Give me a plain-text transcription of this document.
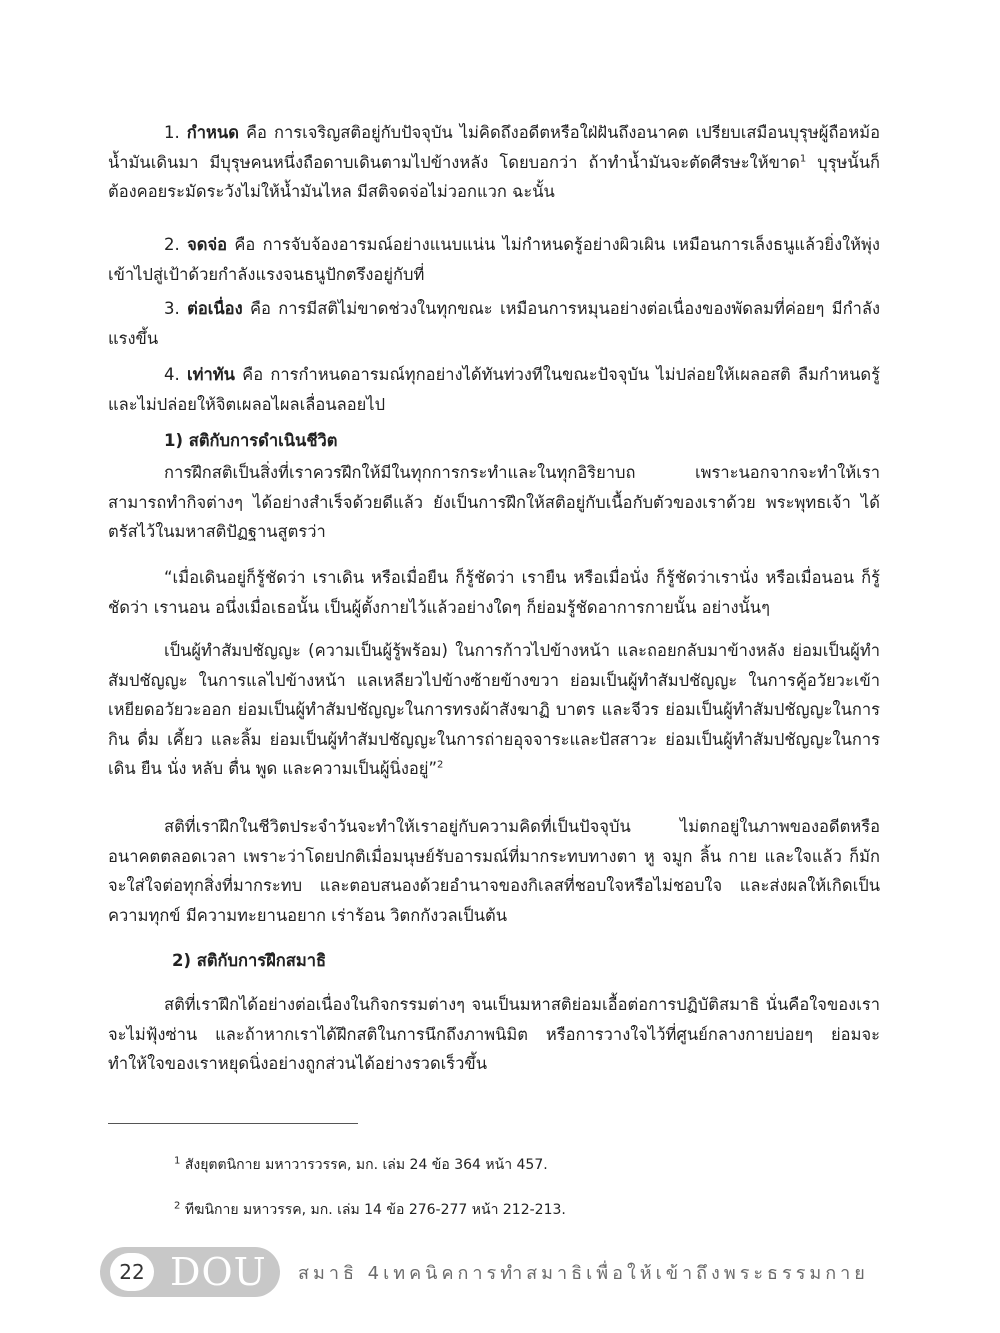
1. กำหนด คือ การเจริญสติอยู่กับปัจจุบัน ไม่คิดถึงอดีตหรือใฝ่ฝันถึงอนาคต เปรียบเสมือนบุรุษผู้ถือหม้อน้ำมันเดินมา มีบุรุษคนหนึ่งถือดาบเดินตามไปข้างหลัง โดยบอกว่า ถ้าทำน้ำมันจะตัดศีรษะให้ขาด$^1$ บุรุษนั้นก็ต้องคอยระมัดระวังไม่ให้น้ำมันไหล มีสติจดจ่อไม่วอกแวก ฉะนั้น

2. จดจ่อ คือ การจับจ้องอารมณ์อย่างแนบแน่น ไม่กำหนดรู้อย่างผิวเผิน เหมือนการเล็งธนูแล้วยิ่งให้พุ่งเข้าไปสู่เป้าด้วยกำลังแรงจนธนูปักตรึงอยู่กับที่

3. ต่อเนื่อง คือ การมีสติไม่ขาดช่วงในทุกขณะ เหมือนการหมุนอย่างต่อเนื่องของพัดลมที่ค่อยๆ มีกำลังแรงขึ้น

4. เท่าทัน คือ การกำหนดอารมณ์ทุกอย่างได้ทันท่วงทีในขณะปัจจุบัน ไม่ปล่อยให้เผลอสติ ลืมกำหนดรู้ และไม่ปล่อยให้จิตเผลอไผลเลื่อนลอยไป

1) สติกับการดำเนินชีวิต

การฝึกสติเป็นสิ่งที่เราควรฝึกให้มีในทุกการกระทำและในทุกอิริยาบถ เพราะนอกจากจะทำให้เราสามารถทำกิจต่างๆ ได้อย่างสำเร็จด้วยดีแล้ว ยังเป็นการฝึกให้สติอยู่กับเนื้อกับตัวของเราด้วย พระพุทธเจ้า ได้ตรัสไว้ในมหาสติปัฏฐานสูตรว่า

“เมื่อเดินอยู่ก็รู้ชัดว่า เราเดิน หรือเมื่อยืน ก็รู้ชัดว่า เรายืน หรือเมื่อนั่ง ก็รู้ชัดว่าเรานั่ง หรือเมื่อนอน ก็รู้ชัดว่า เรานอน อนึ่งเมื่อเธอนั้น เป็นผู้ตั้งกายไว้แล้วอย่างใดๆ ก็ย่อมรู้ชัดอาการกายนั้น อย่างนั้นๆ

เป็นผู้ทำสัมปชัญญะ (ความเป็นผู้รู้พร้อม) ในการก้าวไปข้างหน้า และถอยกลับมาข้างหลัง ย่อมเป็นผู้ทำสัมปชัญญะ ในการแลไปข้างหน้า แลเหลียวไปข้างซ้ายข้างขวา ย่อมเป็นผู้ทำสัมปชัญญะ ในการคู้อวัยวะเข้า เหยียดอวัยวะออก ย่อมเป็นผู้ทำสัมปชัญญะในการทรงผ้าสังฆาฏิ บาตร และจีวร ย่อมเป็นผู้ทำสัมปชัญญะในการกิน ดื่ม เคี้ยว และลิ้ม ย่อมเป็นผู้ทำสัมปชัญญะในการถ่ายอุจจาระและปัสสาวะ ย่อมเป็นผู้ทำสัมปชัญญะในการเดิน ยืน นั่ง หลับ ตื่น พูด และความเป็นผู้นิ่งอยู่”$^2$

สติที่เราฝึกในชีวิตประจำวันจะทำให้เราอยู่กับความคิดที่เป็นปัจจุบัน ไม่ตกอยู่ในภาพของอดีตหรืออนาคตตลอดเวลา เพราะว่าโดยปกติเมื่อมนุษย์รับอารมณ์ที่มากระทบทางตา หู จมูก ลิ้น กาย และใจแล้ว ก็มักจะใส่ใจต่อทุกสิ่งที่มากระทบ และตอบสนองด้วยอำนาจของกิเลสที่ชอบใจหรือไม่ชอบใจ และส่งผลให้เกิดเป็นความทุกข์ มีความทะยานอยาก เร่าร้อน วิตกกังวลเป็นต้น

2) สติกับการฝึกสมาธิ

สติที่เราฝึกได้อย่างต่อเนื่องในกิจกรรมต่างๆ จนเป็นมหาสติย่อมเอื้อต่อการปฏิบัติสมาธิ นั่นคือใจของเราจะไม่ฟุ้งซ่าน และถ้าหากเราได้ฝึกสติในการนึกถึงภาพนิมิต หรือการวางใจไว้ที่ศูนย์กลางกายบ่อยๆ ย่อมจะทำให้ใจของเราหยุดนิ่งอย่างถูกส่วนได้อย่างรวดเร็วขึ้น

$^1$ สังยุตตนิกาย มหาวารวรรค, มก. เล่ม 24 ข้อ 364 หน้า 457.

$^2$ ทีฆนิกาย มหาวรรค, มก. เล่ม 14 ข้อ 276-277 หน้า 212-213.

22 DOU สมาธิ 4เทคนิคการทำสมาธิเพื่อให้เข้าถึงพระธรรมกาย
